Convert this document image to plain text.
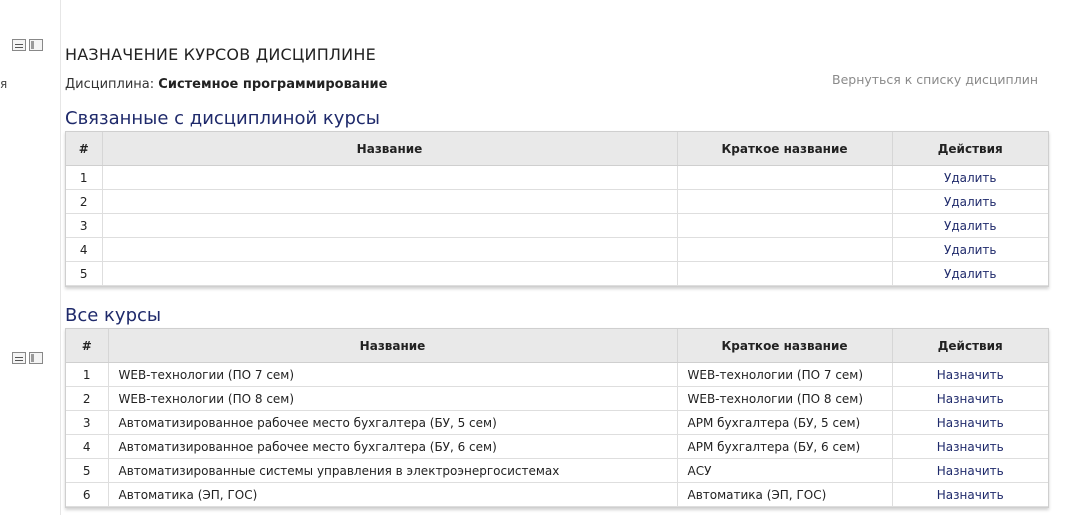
я
НАЗНАЧЕНИЕ КУРСОВ ДИСЦИПЛИНЕ
Дисциплина: Системное программирование	Вернуться к списку дисциплин
Связанные с дисциплиной курсы
#	Название	Краткое название	Действия
1			Удалить
2			Удалить
3			Удалить
4			Удалить
5			Удалить
Все курсы
#	Название	Краткое название	Действия
1	WEB-технологии (ПО 7 сем)	WEB-технологии (ПО 7 сем)	Назначить
2	WEB-технологии (ПО 8 сем)	WEB-технологии (ПО 8 сем)	Назначить
3	Автоматизированное рабочее место бухгалтера (БУ, 5 сем)	АРМ бухгалтера (БУ, 5 сем)	Назначить
4	Автоматизированное рабочее место бухгалтера (БУ, 6 сем)	АРМ бухгалтера (БУ, 6 сем)	Назначить
5	Автоматизированные системы управления в электроэнергосистемах	АСУ	Назначить
6	Автоматика (ЭП, ГОС)	Автоматика (ЭП, ГОС)	Назначить
